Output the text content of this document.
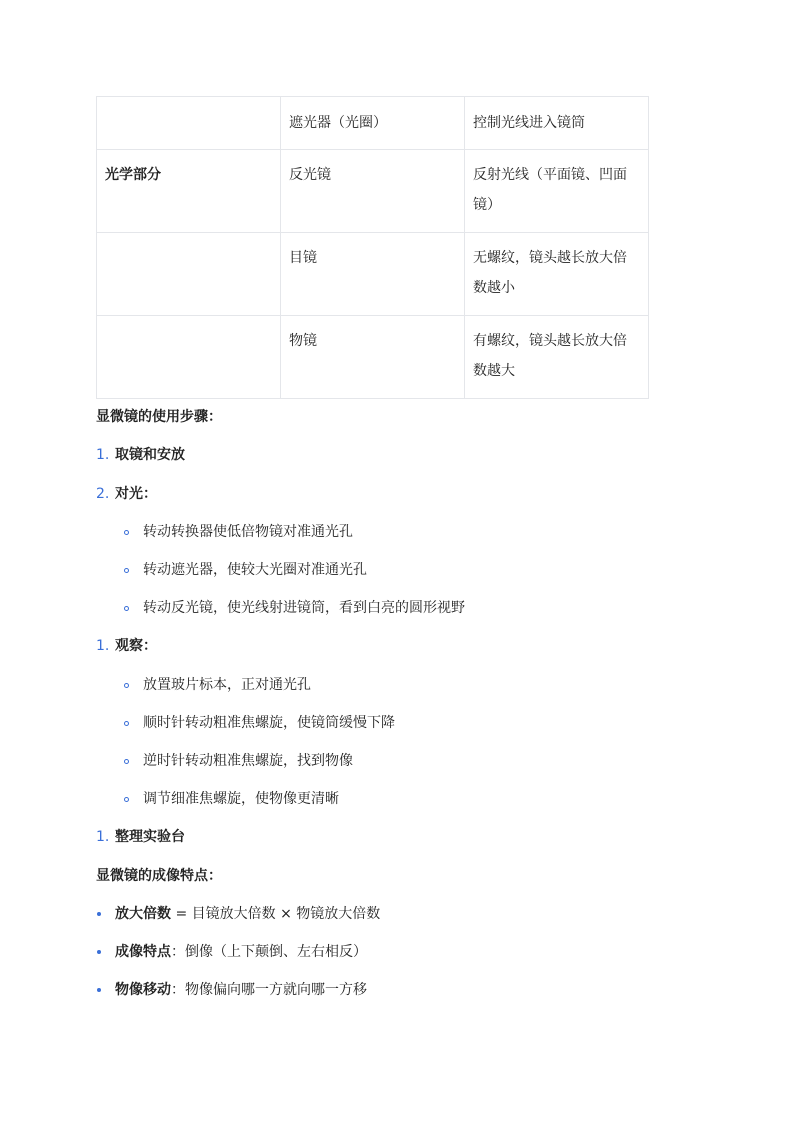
	遮光器（光圈）	控制光线进入镜筒
光学部分	反光镜	反射光线（平面镜、凹面镜）
	目镜	无螺纹，镜头越长放大倍数越小
	物镜	有螺纹，镜头越长放大倍数越大
显微镜的使用步骤：
1. 取镜和安放
2. 对光：
转动转换器使低倍物镜对准通光孔
转动遮光器，使较大光圈对准通光孔
转动反光镜，使光线射进镜筒，看到白亮的圆形视野
1. 观察：
放置玻片标本，正对通光孔
顺时针转动粗准焦螺旋，使镜筒缓慢下降
逆时针转动粗准焦螺旋，找到物像
调节细准焦螺旋，使物像更清晰
1. 整理实验台
显微镜的成像特点：
放大倍数 = 目镜放大倍数 × 物镜放大倍数
成像特点 ： 倒像（上下颠倒、左右相反）
物像移动 ： 物像偏向哪一方就向哪一方移
